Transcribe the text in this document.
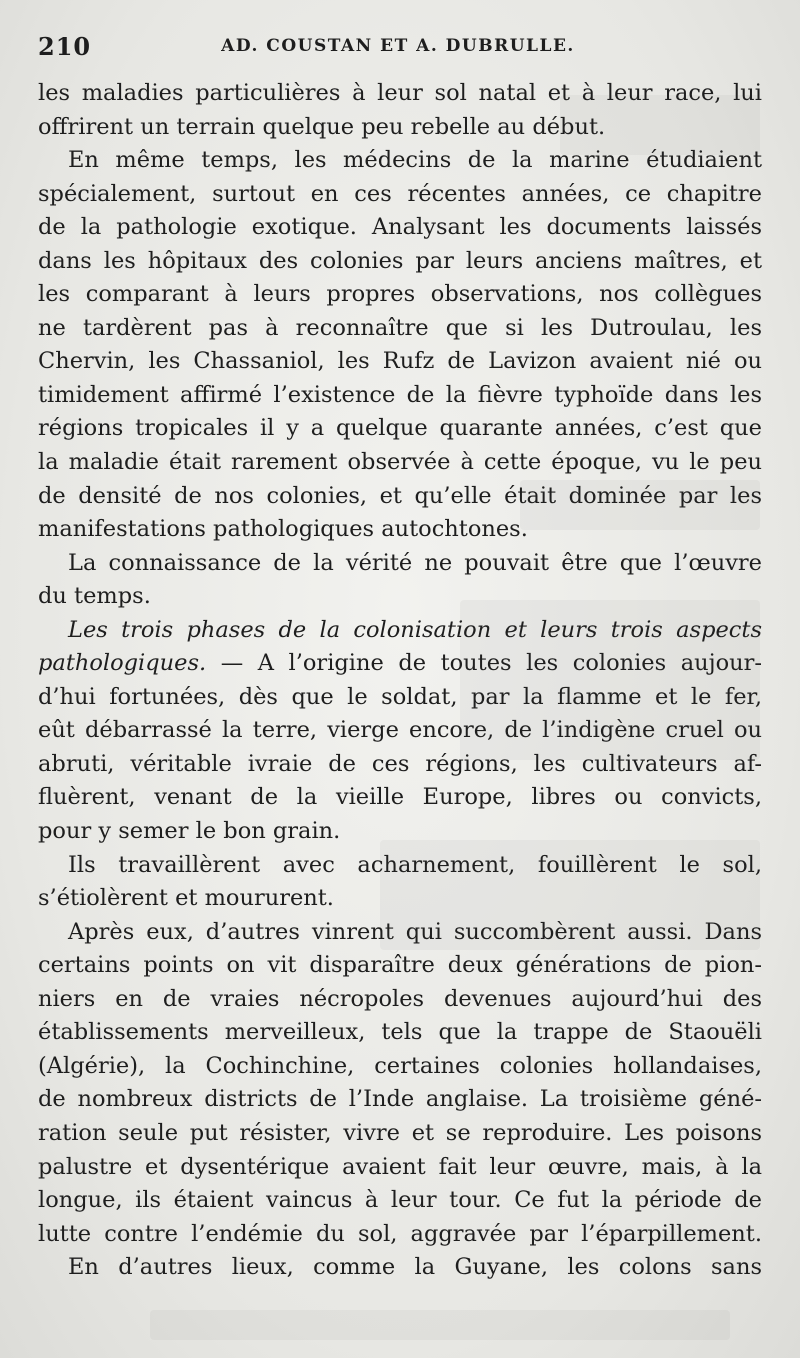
210	AD. COUSTAN ET A. DUBRULLE.
les maladies particulières à leur sol natal et à leur race, lui
offrirent un terrain quelque peu rebelle au début.
En même temps, les médecins de la marine étudiaient
spécialement, surtout en ces récentes années, ce chapitre
de la pathologie exotique. Analysant les documents laissés
dans les hôpitaux des colonies par leurs anciens maîtres, et
les comparant à leurs propres observations, nos collègues
ne tardèrent pas à reconnaître que si les Dutroulau, les
Chervin, les Chassaniol, les Rufz de Lavizon avaient nié ou
timidement affirmé l’existence de la fièvre typhoïde dans les
régions tropicales il y a quelque quarante années, c’est que
la maladie était rarement observée à cette époque, vu le peu
de densité de nos colonies, et qu’elle était dominée par les
manifestations pathologiques autochtones.
La connaissance de la vérité ne pouvait être que l’œuvre
du temps.
Les trois phases de la colonisation et leurs trois aspects
pathologiques. — A l’origine de toutes les colonies aujour-
d’hui fortunées, dès que le soldat, par la flamme et le fer,
eût débarrassé la terre, vierge encore, de l’indigène cruel ou
abruti, véritable ivraie de ces régions, les cultivateurs af-
fluèrent, venant de la vieille Europe, libres ou convicts,
pour y semer le bon grain.
Ils travaillèrent avec acharnement, fouillèrent le sol,
s’étiolèrent et moururent.
Après eux, d’autres vinrent qui succombèrent aussi. Dans
certains points on vit disparaître deux générations de pion-
niers en de vraies nécropoles devenues aujourd’hui des
établissements merveilleux, tels que la trappe de Staouëli
(Algérie), la Cochinchine, certaines colonies hollandaises,
de nombreux districts de l’Inde anglaise. La troisième géné-
ration seule put résister, vivre et se reproduire. Les poisons
palustre et dysentérique avaient fait leur œuvre, mais, à la
longue, ils étaient vaincus à leur tour. Ce fut la période de
lutte contre l’endémie du sol, aggravée par l’éparpillement.
En d’autres lieux, comme la Guyane, les colons sans
